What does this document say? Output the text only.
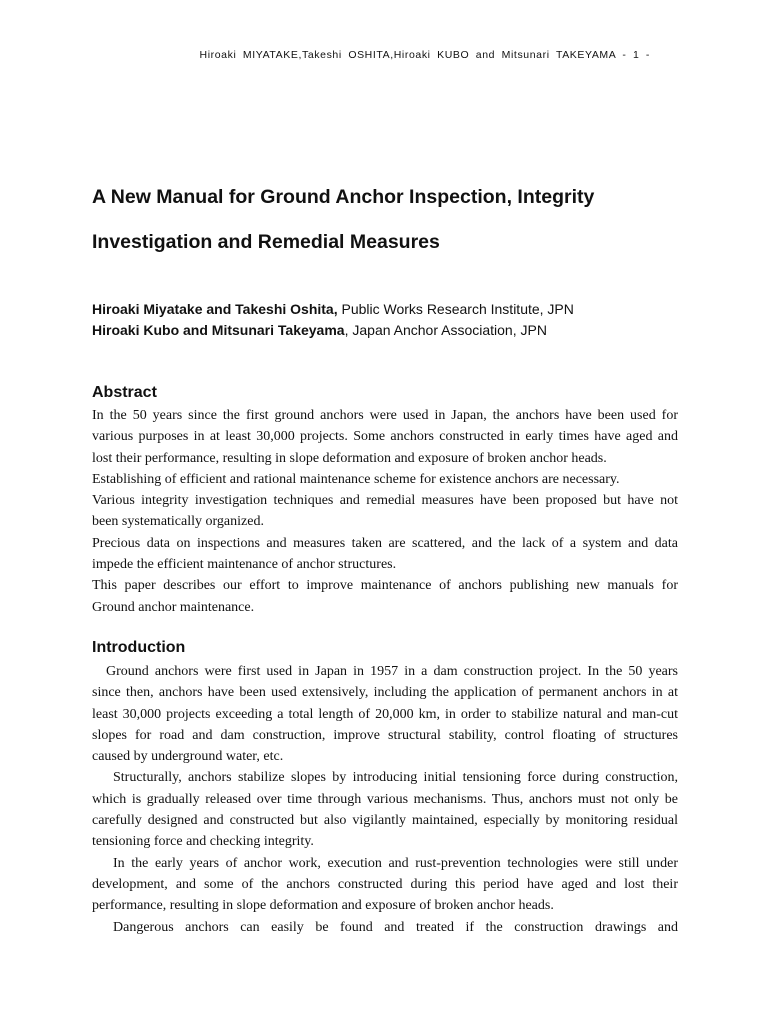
Hiroaki MIYATAKE,Takeshi OSHITA,Hiroaki KUBO and Mitsunari TAKEYAMA - 1 -
A New Manual for Ground Anchor Inspection, Integrity
Investigation and Remedial Measures
Hiroaki Miyatake and Takeshi Oshita, Public Works Research Institute, JPN
Hiroaki Kubo and Mitsunari Takeyama, Japan Anchor Association, JPN
Abstract
In the 50 years since the first ground anchors were used in Japan, the anchors have been used for
various purposes in at least 30,000 projects. Some anchors constructed in early times have aged and
lost their performance, resulting in slope deformation and exposure of broken anchor heads.
Establishing of efficient and rational maintenance scheme for existence anchors are necessary.
Various integrity investigation techniques and remedial measures have been proposed but have not
been systematically organized.
Precious data on inspections and measures taken are scattered, and the lack of a system and data
impede the efficient maintenance of anchor structures.
This paper describes our effort to improve maintenance of anchors publishing new manuals for
Ground anchor maintenance.
Introduction
Ground anchors were first used in Japan in 1957 in a dam construction project. In the 50 years
since then, anchors have been used extensively, including the application of permanent anchors in at
least 30,000 projects exceeding a total length of 20,000 km, in order to stabilize natural and man-cut
slopes for road and dam construction, improve structural stability, control floating of structures
caused by underground water, etc.
Structurally, anchors stabilize slopes by introducing initial tensioning force during construction,
which is gradually released over time through various mechanisms. Thus, anchors must not only be
carefully designed and constructed but also vigilantly maintained, especially by monitoring residual
tensioning force and checking integrity.
In the early years of anchor work, execution and rust-prevention technologies were still under
development, and some of the anchors constructed during this period have aged and lost their
performance, resulting in slope deformation and exposure of broken anchor heads.
Dangerous anchors can easily be found and treated if the construction drawings and
